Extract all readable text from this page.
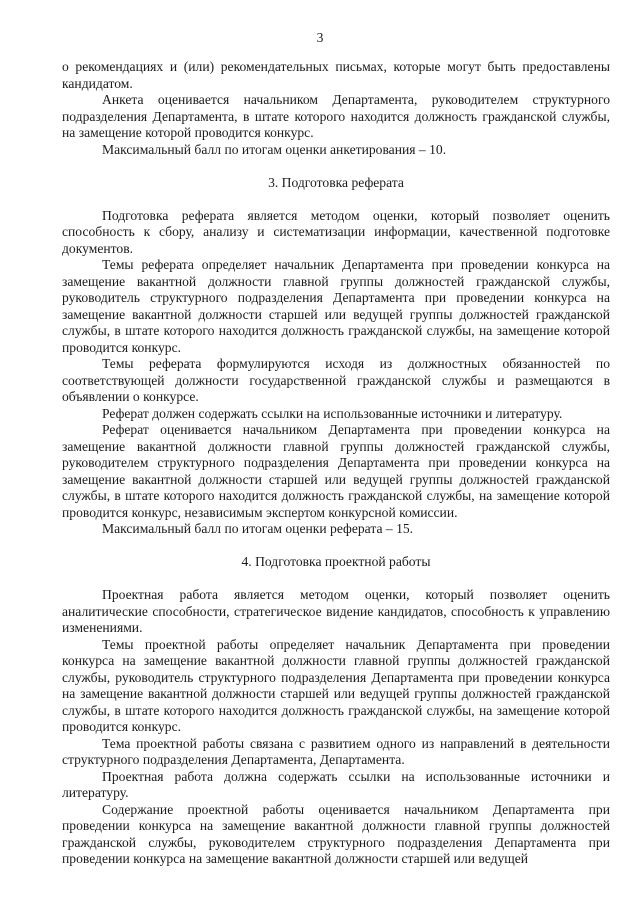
3

о рекомендациях и (или) рекомендательных письмах, которые могут быть предоставлены кандидатом.

Анкета оценивается начальником Департамента, руководителем структурного подразделения Департамента, в штате которого находится должность гражданской службы, на замещение которой проводится конкурс.

Максимальный балл по итогам оценки анкетирования – 10.

3. Подготовка реферата

Подготовка реферата является методом оценки, который позволяет оценить способность к сбору, анализу и систематизации информации, качественной подготовке документов.

Темы реферата определяет начальник Департамента при проведении конкурса на замещение вакантной должности главной группы должностей гражданской службы, руководитель структурного подразделения Департамента при проведении конкурса на замещение вакантной должности старшей или ведущей группы должностей гражданской службы, в штате которого находится должность гражданской службы, на замещение которой проводится конкурс.

Темы реферата формулируются исходя из должностных обязанностей по соответствующей должности государственной гражданской службы и размещаются в объявлении о конкурсе.

Реферат должен содержать ссылки на использованные источники и литературу.

Реферат оценивается начальником Департамента при проведении конкурса на замещение вакантной должности главной группы должностей гражданской службы, руководителем структурного подразделения Департамента при проведении конкурса на замещение вакантной должности старшей или ведущей группы должностей гражданской службы, в штате которого находится должность гражданской службы, на замещение которой проводится конкурс, независимым экспертом конкурсной комиссии.

Максимальный балл по итогам оценки реферата – 15.

4. Подготовка проектной работы

Проектная работа является методом оценки, который позволяет оценить аналитические способности, стратегическое видение кандидатов, способность к управлению изменениями.

Темы проектной работы определяет начальник Департамента при проведении конкурса на замещение вакантной должности главной группы должностей гражданской службы, руководитель структурного подразделения Департамента при проведении конкурса на замещение вакантной должности старшей или ведущей группы должностей гражданской службы, в штате которого находится должность гражданской службы, на замещение которой проводится конкурс.

Тема проектной работы связана с развитием одного из направлений в деятельности структурного подразделения Департамента, Департамента.

Проектная работа должна содержать ссылки на использованные источники и литературу.

Содержание проектной работы оценивается начальником Департамента при проведении конкурса на замещение вакантной должности главной группы должностей гражданской службы, руководителем структурного подразделения Департамента при проведении конкурса на замещение вакантной должности старшей или ведущей
